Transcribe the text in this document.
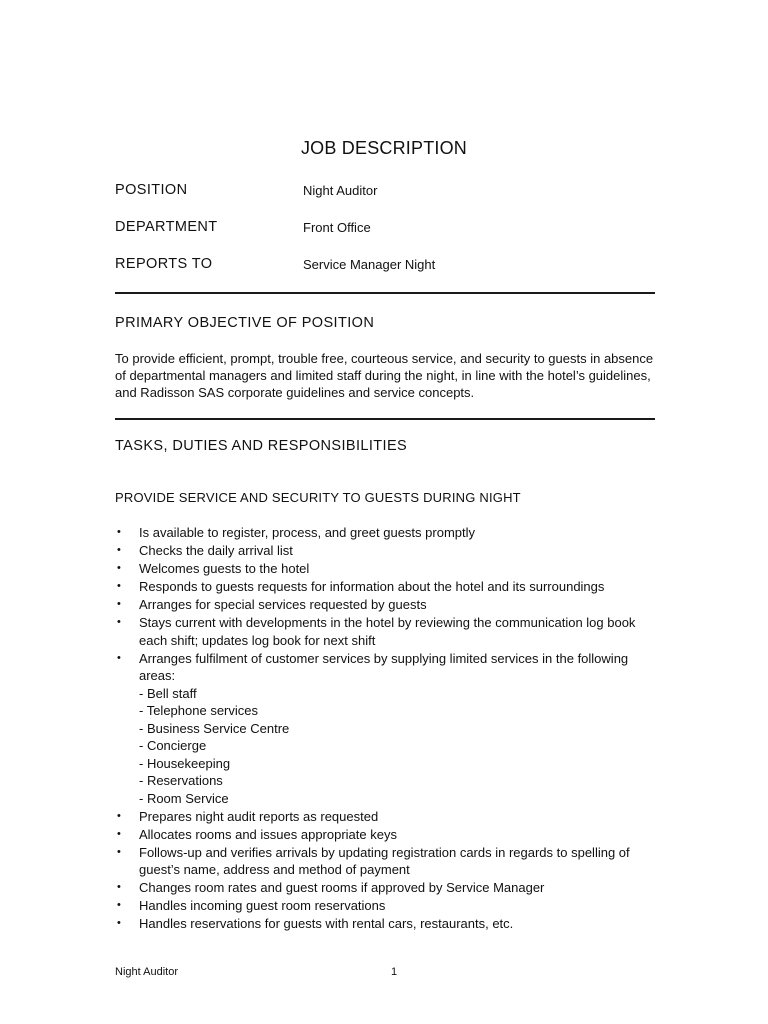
JOB DESCRIPTION
POSITION	Night Auditor
DEPARTMENT	Front Office
REPORTS TO	Service Manager Night
PRIMARY OBJECTIVE OF POSITION
To provide efficient, prompt, trouble free, courteous service, and security to guests in absence of departmental managers and limited staff during the night, in line with the hotel’s guidelines, and Radisson SAS corporate guidelines and service concepts.
TASKS, DUTIES AND RESPONSIBILITIES
PROVIDE SERVICE AND SECURITY TO GUESTS DURING NIGHT
• Is available to register, process, and greet guests promptly
• Checks the daily arrival list
• Welcomes guests to the hotel
• Responds to guests requests for information about the hotel and its surroundings
• Arranges for special services requested by guests
• Stays current with developments in the hotel by reviewing the communication log book each shift; updates log book for next shift
• Arranges fulfilment of customer services by supplying limited services in the following areas:
- Bell staff
- Telephone services
- Business Service Centre
- Concierge
- Housekeeping
- Reservations
- Room Service
• Prepares night audit reports as requested
• Allocates rooms and issues appropriate keys
• Follows-up and verifies arrivals by updating registration cards in regards to spelling of guest’s name, address and method of payment
• Changes room rates and guest rooms if approved by Service Manager
• Handles incoming guest room reservations
• Handles reservations for guests with rental cars, restaurants, etc.
Night Auditor	1
